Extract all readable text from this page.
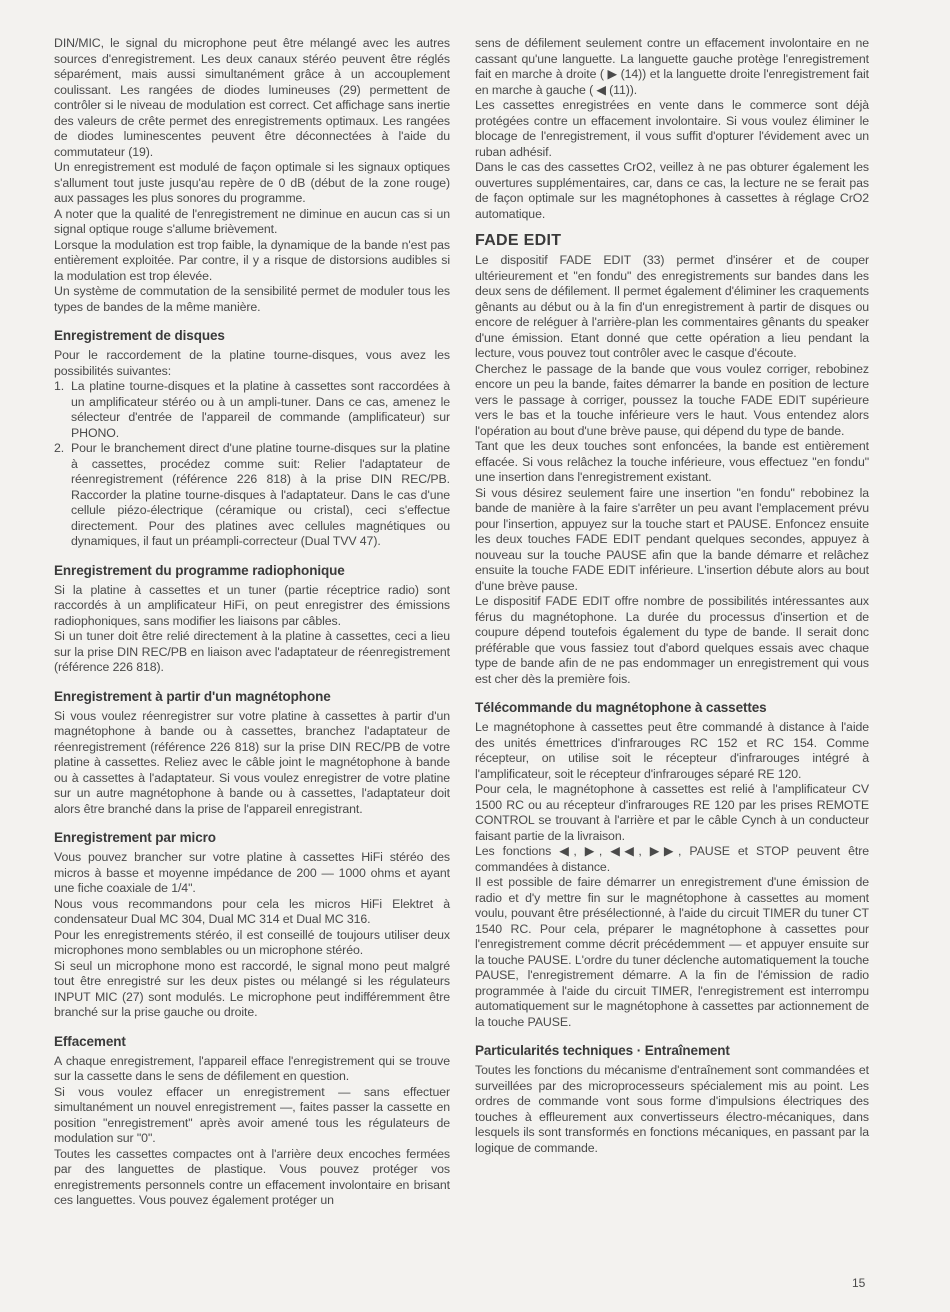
DIN/MIC, le signal du microphone peut être mélangé avec les autres sources d'enregistrement. Les deux canaux stéréo peuvent être réglés séparément, mais aussi simultanément grâce à un accouplement coulissant. Les rangées de diodes lumineuses (29) permettent de contrôler si le niveau de modulation est correct. Cet affichage sans inertie des valeurs de crête permet des enregistrements optimaux. Les rangées de diodes luminescentes peuvent être déconnectées à l'aide du commutateur (19).

Un enregistrement est modulé de façon optimale si les signaux optiques s'allument tout juste jusqu'au repère de 0 dB (début de la zone rouge) aux passages les plus sonores du programme.

A noter que la qualité de l'enregistrement ne diminue en aucun cas si un signal optique rouge s'allume brièvement.

Lorsque la modulation est trop faible, la dynamique de la bande n'est pas entièrement exploitée. Par contre, il y a risque de distorsions audibles si la modulation est trop élevée.

Un système de commutation de la sensibilité permet de moduler tous les types de bandes de la même manière.

Enregistrement de disques

Pour le raccordement de la platine tourne-disques, vous avez les possibilités suivantes:

1. La platine tourne-disques et la platine à cassettes sont raccordées à un amplificateur stéréo ou à un ampli-tuner. Dans ce cas, amenez le sélecteur d'entrée de l'appareil de commande (amplificateur) sur PHONO.
2. Pour le branchement direct d'une platine tourne-disques sur la platine à cassettes, procédez comme suit: Relier l'adaptateur de réenregistrement (référence 226 818) à la prise DIN REC/PB. Raccorder la platine tourne-disques à l'adaptateur. Dans le cas d'une cellule piézo-électrique (céramique ou cristal), ceci s'effectue directement. Pour des platines avec cellules magnétiques ou dynamiques, il faut un préampli-correcteur (Dual TVV 47).
Enregistrement du programme radiophonique

Si la platine à cassettes et un tuner (partie réceptrice radio) sont raccordés à un amplificateur HiFi, on peut enregistrer des émissions radiophoniques, sans modifier les liaisons par câbles.

Si un tuner doit être relié directement à la platine à cassettes, ceci a lieu sur la prise DIN REC/PB en liaison avec l'adaptateur de réenregistrement (référence 226 818).

Enregistrement à partir d'un magnétophone

Si vous voulez réenregistrer sur votre platine à cassettes à partir d'un magnétophone à bande ou à cassettes, branchez l'adaptateur de réenregistrement (référence 226 818) sur la prise DIN REC/PB de votre platine à cassettes. Reliez avec le câble joint le magnétophone à bande ou à cassettes à l'adaptateur. Si vous voulez enregistrer de votre platine sur un autre magnétophone à bande ou à cassettes, l'adaptateur doit alors être branché dans la prise de l'appareil enregistrant.

Enregistrement par micro

Vous pouvez brancher sur votre platine à cassettes HiFi stéréo des micros à basse et moyenne impédance de 200 — 1000 ohms et ayant une fiche coaxiale de 1/4".

Nous vous recommandons pour cela les micros HiFi Elektret à condensateur Dual MC 304, Dual MC 314 et Dual MC 316.

Pour les enregistrements stéréo, il est conseillé de toujours utiliser deux microphones mono semblables ou un microphone stéréo.

Si seul un microphone mono est raccordé, le signal mono peut malgré tout être enregistré sur les deux pistes ou mélangé si les régulateurs INPUT MIC (27) sont modulés. Le microphone peut indifféremment être branché sur la prise gauche ou droite.

Effacement

A chaque enregistrement, l'appareil efface l'enregistrement qui se trouve sur la cassette dans le sens de défilement en question.

Si vous voulez effacer un enregistrement — sans effectuer simultanément un nouvel enregistrement —, faites passer la cassette en position "enregistrement" après avoir amené tous les régulateurs de modulation sur "0".

Toutes les cassettes compactes ont à l'arrière deux encoches fermées par des languettes de plastique. Vous pouvez protéger vos enregistrements personnels contre un effacement involontaire en brisant ces languettes. Vous pouvez également protéger un

sens de défilement seulement contre un effacement involontaire en ne cassant qu'une languette. La languette gauche protège l'enregistrement fait en marche à droite ( ▶ (14)) et la languette droite l'enregistrement fait en marche à gauche ( ◀ (11)).

Les cassettes enregistrées en vente dans le commerce sont déjà protégées contre un effacement involontaire. Si vous voulez éliminer le blocage de l'enregistrement, il vous suffit d'opturer l'évidement avec un ruban adhésif.

Dans le cas des cassettes CrO2, veillez à ne pas obturer également les ouvertures supplémentaires, car, dans ce cas, la lecture ne se ferait pas de façon optimale sur les magnétophones à cassettes à réglage CrO2 automatique.

FADE EDIT

Le dispositif FADE EDIT (33) permet d'insérer et de couper ultérieurement et "en fondu" des enregistrements sur bandes dans les deux sens de défilement. Il permet également d'éliminer les craquements gênants au début ou à la fin d'un enregistrement à partir de disques ou encore de reléguer à l'arrière-plan les commentaires gênants du speaker d'une émission. Etant donné que cette opération a lieu pendant la lecture, vous pouvez tout contrôler avec le casque d'écoute.

Cherchez le passage de la bande que vous voulez corriger, rebobinez encore un peu la bande, faites démarrer la bande en position de lecture vers le passage à corriger, poussez la touche FADE EDIT supérieure vers le bas et la touche inférieure vers le haut. Vous entendez alors l'opération au bout d'une brève pause, qui dépend du type de bande.

Tant que les deux touches sont enfoncées, la bande est entièrement effacée. Si vous relâchez la touche inférieure, vous effectuez "en fondu" une insertion dans l'enregistrement existant.

Si vous désirez seulement faire une insertion "en fondu" rebobinez la bande de manière à la faire s'arrêter un peu avant l'emplacement prévu pour l'insertion, appuyez sur la touche start et PAUSE. Enfoncez ensuite les deux touches FADE EDIT pendant quelques secondes, appuyez à nouveau sur la touche PAUSE afin que la bande démarre et relâchez ensuite la touche FADE EDIT inférieure. L'insertion débute alors au bout d'une brève pause.

Le dispositif FADE EDIT offre nombre de possibilités intéressantes aux férus du magnétophone. La durée du processus d'insertion et de coupure dépend toutefois également du type de bande. Il serait donc préférable que vous fassiez tout d'abord quelques essais avec chaque type de bande afin de ne pas endommager un enregistrement qui vous est cher dès la première fois.

Télécommande du magnétophone à cassettes

Le magnétophone à cassettes peut être commandé à distance à l'aide des unités émettrices d'infrarouges RC 152 et RC 154. Comme récepteur, on utilise soit le récepteur d'infrarouges intégré à l'amplificateur, soit le récepteur d'infrarouges séparé RE 120.

Pour cela, le magnétophone à cassettes est relié à l'amplificateur CV 1500 RC ou au récepteur d'infrarouges RE 120 par les prises REMOTE CONTROL se trouvant à l'arrière et par le câble Cynch à un conducteur faisant partie de la livraison.

Les fonctions ◀, ▶, ◀◀, ▶▶, PAUSE et STOP peuvent être commandées à distance.

Il est possible de faire démarrer un enregistrement d'une émission de radio et d'y mettre fin sur le magnétophone à cassettes au moment voulu, pouvant être présélectionné, à l'aide du circuit TIMER du tuner CT 1540 RC. Pour cela, préparer le magnétophone à cassettes pour l'enregistrement comme décrit précédemment — et appuyer ensuite sur la touche PAUSE. L'ordre du tuner déclenche automatiquement la touche PAUSE, l'enregistrement démarre. A la fin de l'émission de radio programmée à l'aide du circuit TIMER, l'enregistrement est interrompu automatiquement sur le magnétophone à cassettes par actionnement de la touche PAUSE.

Particularités techniques · Entraînement

Toutes les fonctions du mécanisme d'entraînement sont commandées et surveillées par des microprocesseurs spécialement mis au point. Les ordres de commande vont sous forme d'impulsions électriques des touches à effleurement aux convertisseurs électro-mécaniques, dans lesquels ils sont transformés en fonctions mécaniques, en passant par la logique de commande.

15
